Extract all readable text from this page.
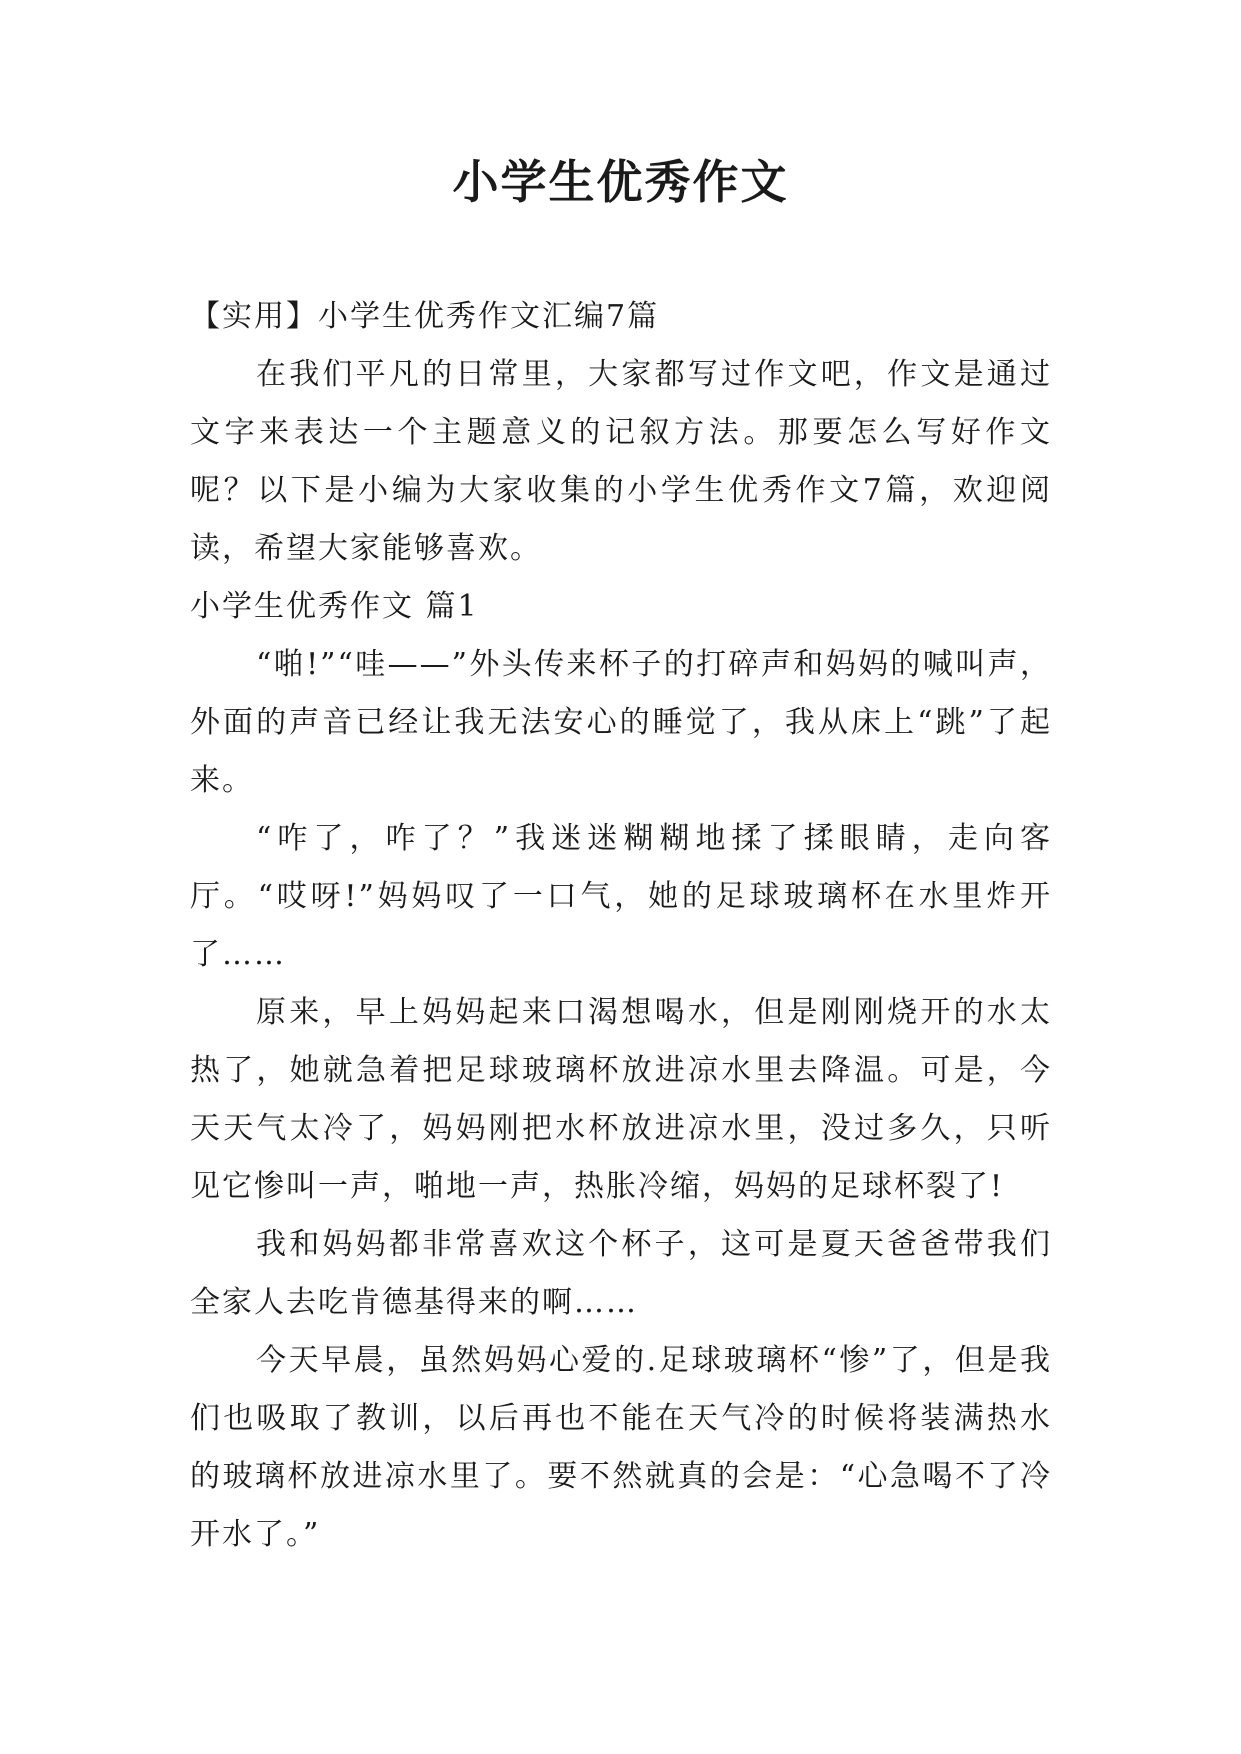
小学生优秀作文

【实用】小学生优秀作文汇编7篇

在我们平凡的日常里，大家都写过作文吧，作文是通过文字来表达一个主题意义的记叙方法。那要怎么写好作文呢？以下是小编为大家收集的小学生优秀作文7篇，欢迎阅读，希望大家能够喜欢。

小学生优秀作文 篇1

“啪!”“哇——”外头传来杯子的打碎声和妈妈的喊叫声，外面的声音已经让我无法安心的睡觉了，我从床上“跳”了起来。

“咋了，咋了？”我迷迷糊糊地揉了揉眼睛，走向客厅。“哎呀!”妈妈叹了一口气，她的足球玻璃杯在水里炸开了……

原来，早上妈妈起来口渴想喝水，但是刚刚烧开的水太热了，她就急着把足球玻璃杯放进凉水里去降温。可是，今天天气太冷了，妈妈刚把水杯放进凉水里，没过多久，只听见它惨叫一声，啪地一声，热胀冷缩，妈妈的足球杯裂了!

我和妈妈都非常喜欢这个杯子，这可是夏天爸爸带我们全家人去吃肯德基得来的啊……

今天早晨，虽然妈妈心爱的.足球玻璃杯“惨”了，但是我们也吸取了教训，以后再也不能在天气冷的时候将装满热水的玻璃杯放进凉水里了。要不然就真的会是：“心急喝不了冷开水了。”
